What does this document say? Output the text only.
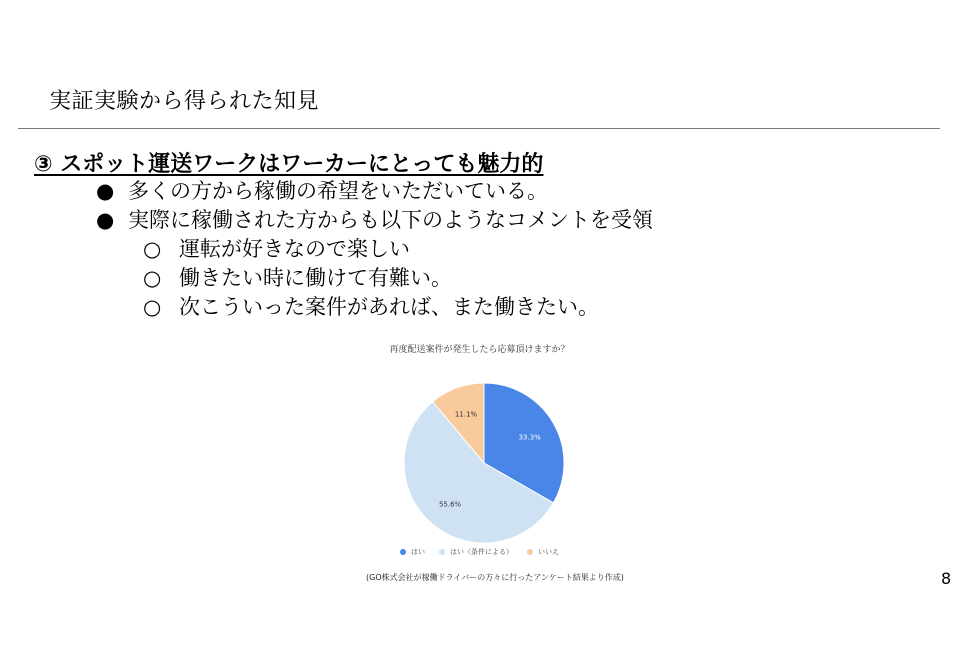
実証実験から得られた知見
③ スポット運送ワークはワーカーにとっても魅力的
● 多くの方から稼働の希望をいただいている。
● 実際に稼働された方からも以下のようなコメントを受領
○ 運転が好きなので楽しい
○ 働きたい時に働けて有難い。
○ 次こういった案件があれば、また働きたい。
再度配送案件が発生したら応募頂けますか？
33.3%
55.6%
11.1%
はい	はい（条件による）	いいえ
(GO株式会社が稼働ドライバーの方々に行ったアンケート結果より作成)	8
